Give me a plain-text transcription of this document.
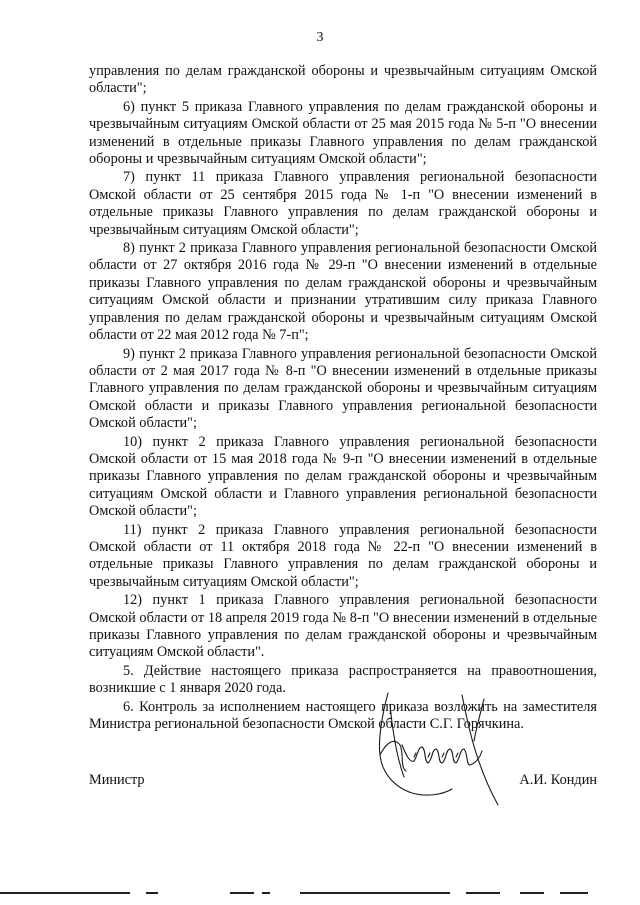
3

управления по делам гражданской обороны и чрезвычайным ситуациям Омской области";

6) пункт 5 приказа Главного управления по делам гражданской обороны и чрезвычайным ситуациям Омской области от 25 мая 2015 года № 5-п "О внесении изменений в отдельные приказы Главного управления по делам гражданской обороны и чрезвычайным ситуациям Омской области";

7) пункт 11 приказа Главного управления региональной безопасности Омской области от 25 сентября 2015 года № 1-п "О внесении изменений в отдельные приказы Главного управления по делам гражданской обороны и чрезвычайным ситуациям Омской области";

8) пункт 2 приказа Главного управления региональной безопасности Омской области от 27 октября 2016 года № 29-п "О внесении изменений в отдельные приказы Главного управления по делам гражданской обороны и чрезвычайным ситуациям Омской области и признании утратившим силу приказа Главного управления по делам гражданской обороны и чрезвычайным ситуациям Омской области от 22 мая 2012 года № 7-п";

9) пункт 2 приказа Главного управления региональной безопасности Омской области от 2 мая 2017 года № 8-п "О внесении изменений в отдельные приказы Главного управления по делам гражданской обороны и чрезвычайным ситуациям Омской области и приказы Главного управления региональной безопасности Омской области";

10) пункт 2 приказа Главного управления региональной безопасности Омской области от 15 мая 2018 года № 9-п "О внесении изменений в отдельные приказы Главного управления по делам гражданской обороны и чрезвычайным ситуациям Омской области и Главного управления региональной безопасности Омской области";

11) пункт 2 приказа Главного управления региональной безопасности Омской области от 11 октября 2018 года № 22-п "О внесении изменений в отдельные приказы Главного управления по делам гражданской обороны и чрезвычайным ситуациям Омской области";

12) пункт 1 приказа Главного управления региональной безопасности Омской области от 18 апреля 2019 года № 8-п "О внесении изменений в отдельные приказы Главного управления по делам гражданской обороны и чрезвычайным ситуациям Омской области".

5. Действие настоящего приказа распространяется на правоотношения, возникшие с 1 января 2020 года.

6. Контроль за исполнением настоящего приказа возложить на заместителя Министра региональной безопасности Омской области С.Г. Горячкина.

Министр	А.И. Кондин
